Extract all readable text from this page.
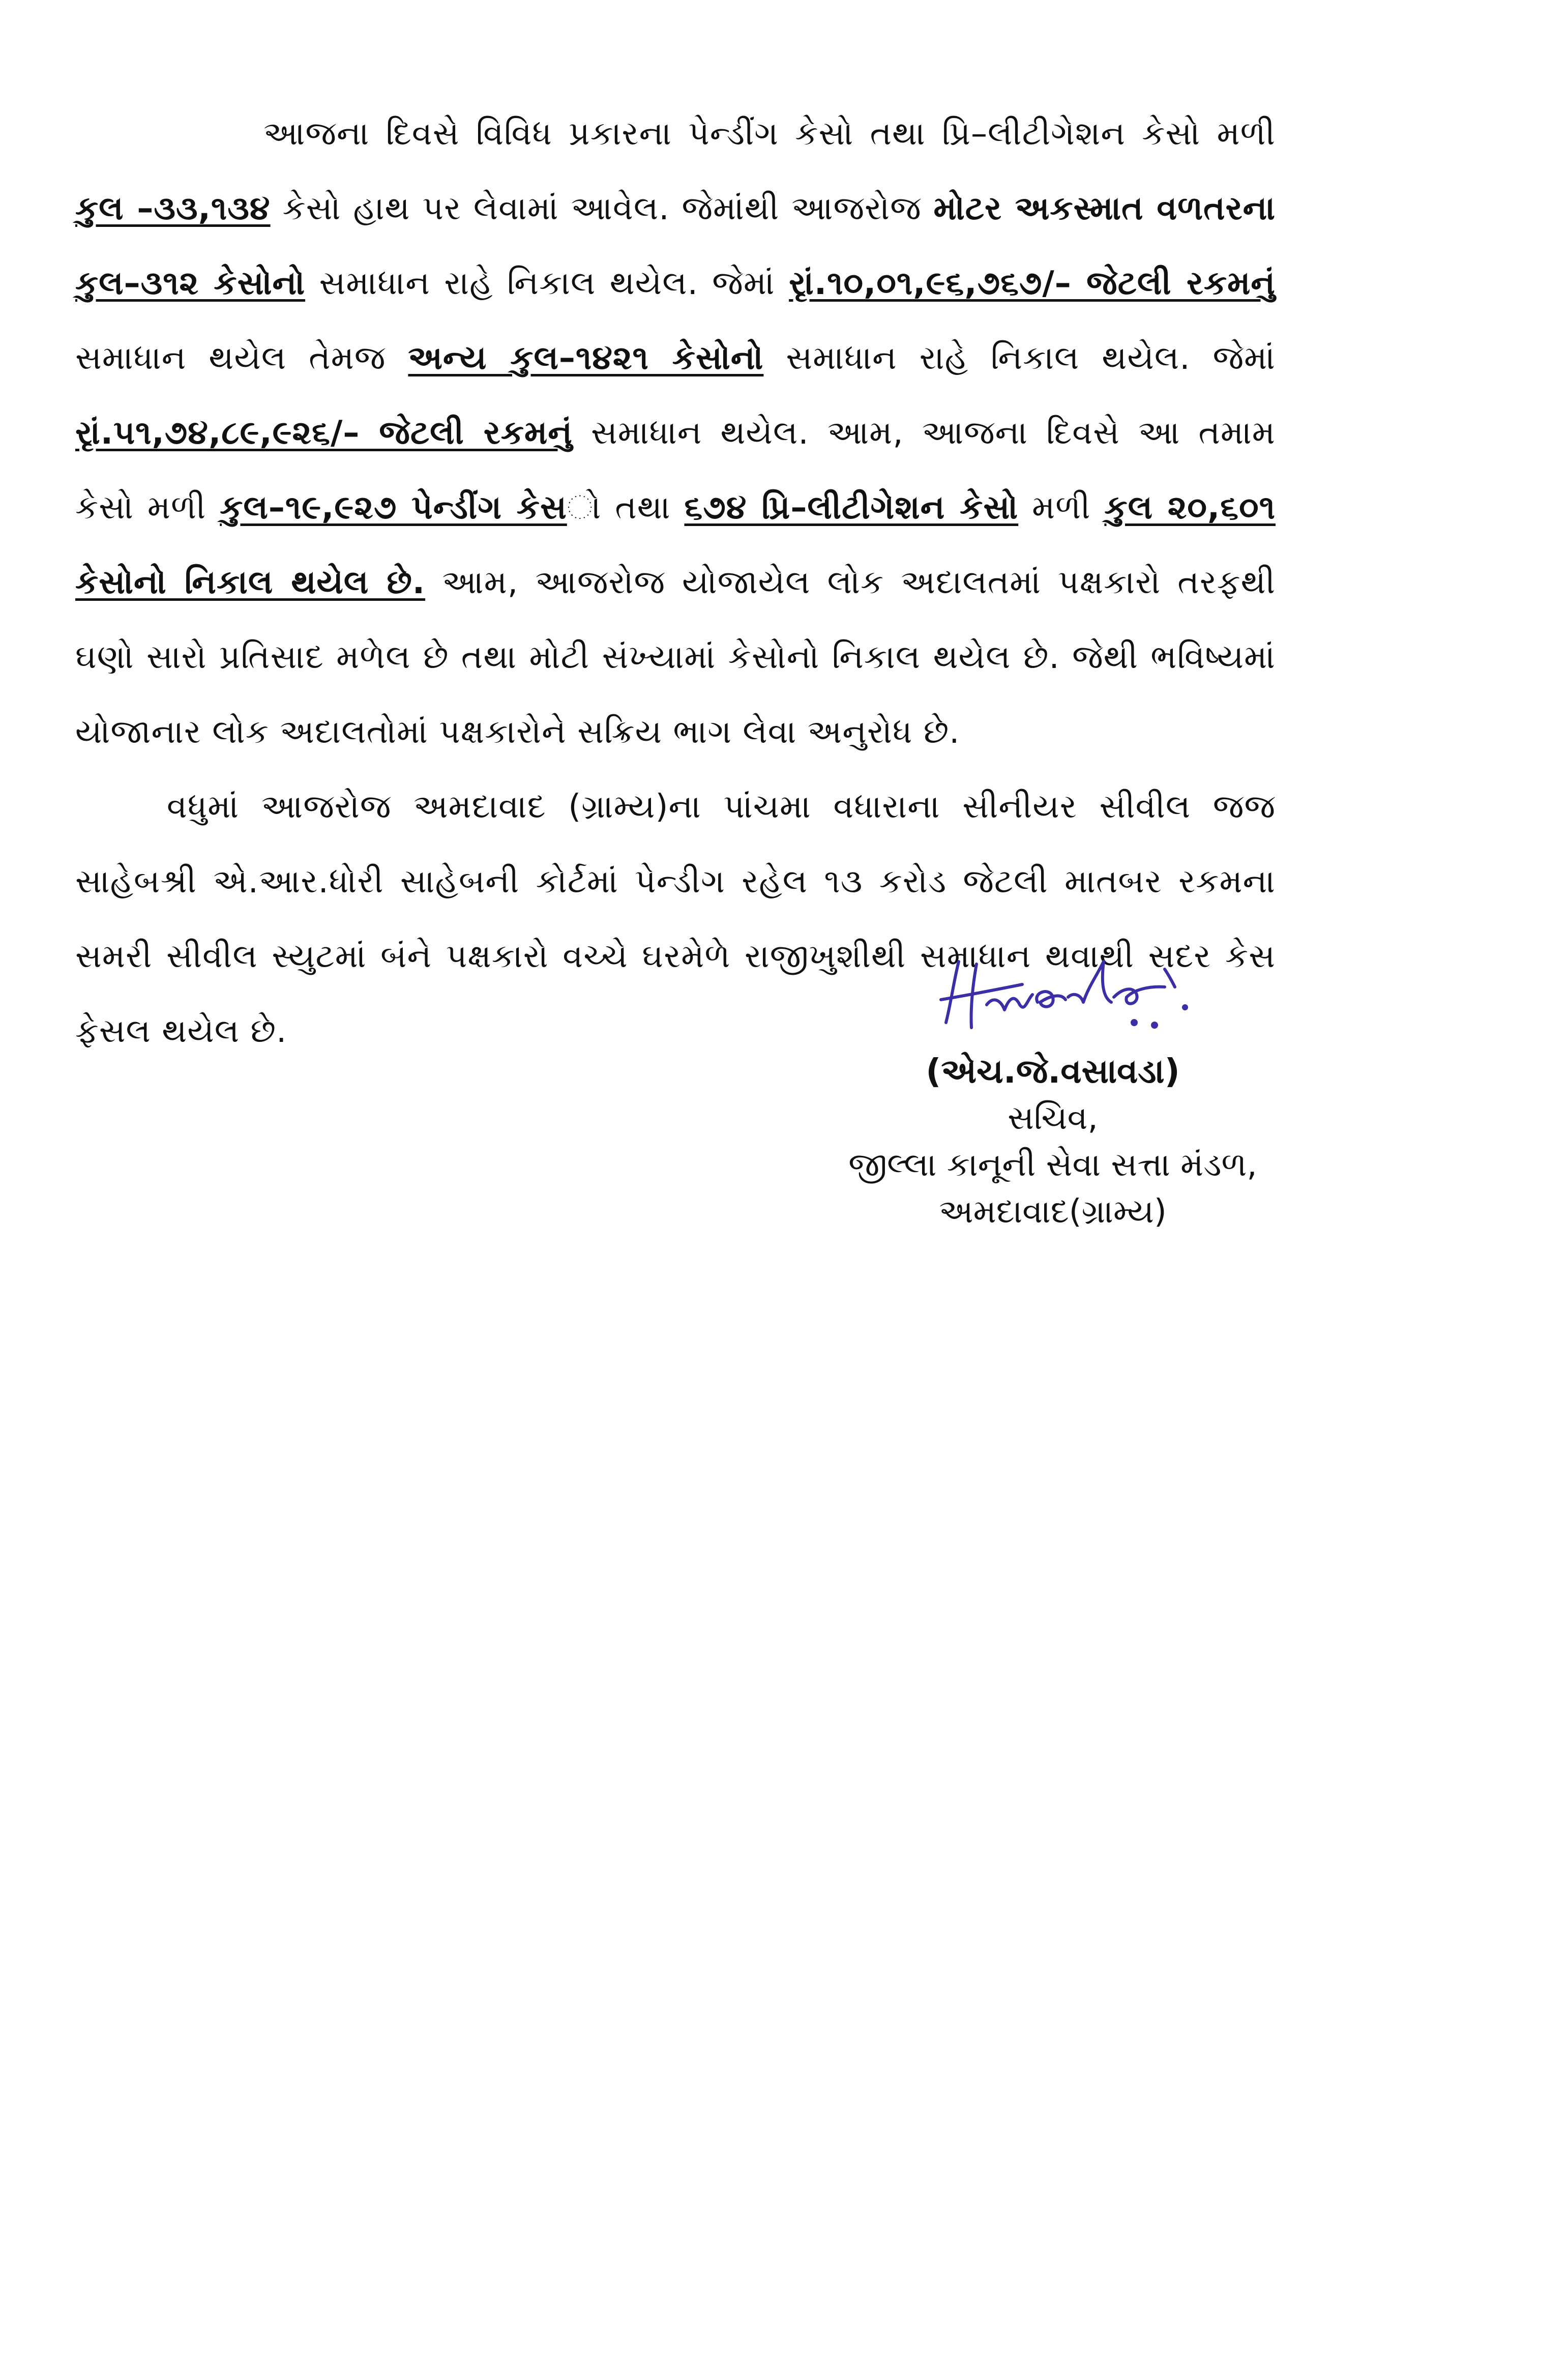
આજના દિવસે વિવિધ પ્રકારના પેન્ડીંગ કેસો તથા પ્રિ–લીટીગેશન કેસો મળી કુલ –૩૩,૧૩૪ કેસો હાથ પર લેવામાં આવેલ. જેમાંથી આજરોજ મોટર અકસ્માત વળતરના કુલ–૩૧૨ કેસોનો સમાધાન રાહે નિકાલ થયેલ. જેમાં રૃાં.૧૦,૦૧,૯૬,૭૬૭/– જેટલી રકમનું સમાધાન થયેલ તેમજ અન્ય કુલ–૧૪૨૧ કેસોનો સમાધાન રાહે નિકાલ થયેલ. જેમાં રૃાં.૫૧,૭૪,૮૯,૯૨૬/– જેટલી રકમનું સમાધાન થયેલ. આમ, આજના દિવસે આ તમામ કેસો મળી કુલ–૧૯,૯૨૭ પેન્ડીંગ કેસો તથા ૬૭૪ પ્રિ–લીટીગેશન કેસો મળી કુલ ૨૦,૬૦૧ કેસોનો નિકાલ થયેલ છે. આમ, આજરોજ યોજાયેલ લોક અદાલતમાં પક્ષકારો તરફથી ઘણો સારો પ્રતિસાદ મળેલ છે તથા મોટી સંખ્યામાં કેસોનો નિકાલ થયેલ છે. જેથી ભવિષ્યમાં યોજાનાર લોક અદાલતોમાં પક્ષકારોને સક્રિય ભાગ લેવા અનુરોધ છે.

વધુમાં આજરોજ અમદાવાદ (ગ્રામ્ય)ના પાંચમા વધારાના સીનીયર સીવીલ જજ સાહેબશ્રી એ.આર.ધોરી સાહેબની કોર્ટમાં પેન્ડીગ રહેલ ૧૩ કરોડ જેટલી માતબર રકમના સમરી સીવીલ સ્યુટમાં બંને પક્ષકારો વચ્ચે ઘરમેળે રાજીખુશીથી સમાધાન થવાથી સદર કેસ ફેસલ થયેલ છે.

(એચ.જે.વસાવડા)
સચિવ,
જીલ્લા કાનૂની સેવા સત્તા મંડળ,
અમદાવાદ(ગ્રામ્ય)
